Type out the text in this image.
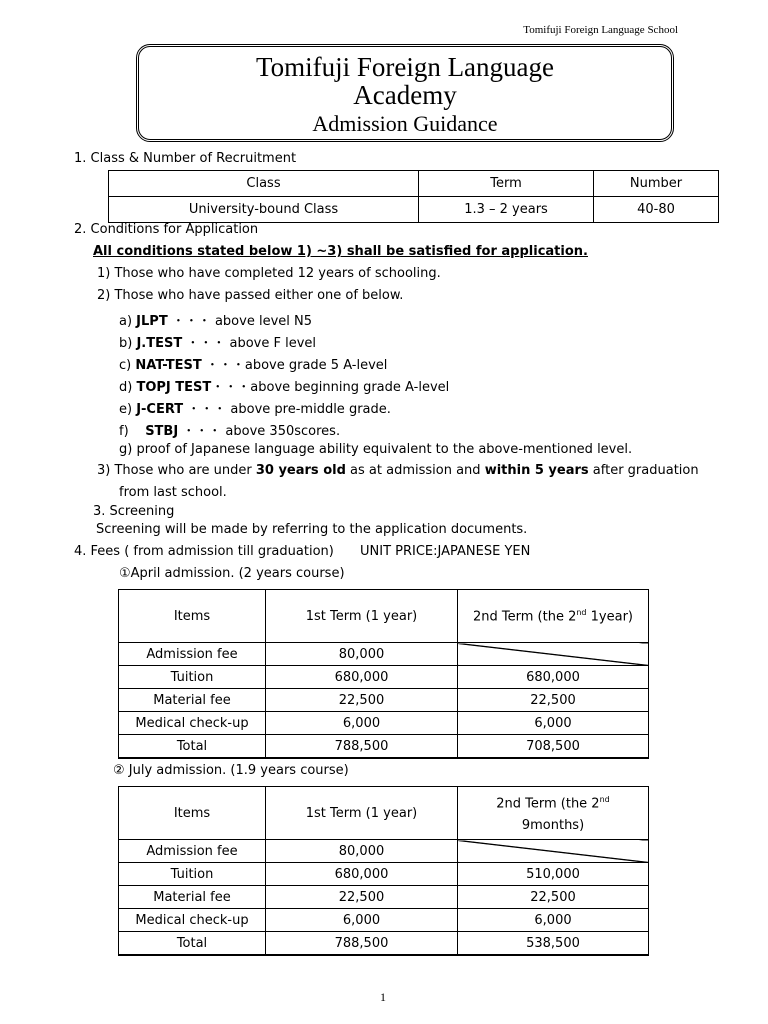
Tomifuji Foreign Language School
Tomifuji Foreign Language
Academy
Admission Guidance
1. Class & Number of Recruitment
Class	Term	Number
University-bound Class	1.3 – 2 years	40-80
2. Conditions for Application
All conditions stated below 1) ~3) shall be satisfied for application.
1) Those who have completed 12 years of schooling.
2) Those who have passed either one of below.
a) JLPT ・・・ above level N5
b) J.TEST ・・・ above F level
c) NAT-TEST ・・・above grade 5 A-level
d) TOPJ TEST・・・above beginning grade A-level
e) J-CERT ・・・ above pre-middle grade.
f)    STBJ ・・・ above 350scores.
g) proof of Japanese language ability equivalent to the above-mentioned level.
3) Those who are under 30 years old as at admission and within 5 years after graduation
from last school.
3. Screening
Screening will be made by referring to the application documents.
4. Fees ( from admission till graduation) UNIT PRICE:JAPANESE YEN
①April admission. (2 years course)
Items	1st Term (1 year)	2nd Term (the 2nd 1year)
Admission fee	80,000	
Tuition	680,000	680,000
Material fee	22,500	22,500
Medical check-up	6,000	6,000
Total	788,500	708,500
② July admission. (1.9 years course)
Items	1st Term (1 year)	2nd Term (the 2nd
9months)
Admission fee	80,000	
Tuition	680,000	510,000
Material fee	22,500	22,500
Medical check-up	6,000	6,000
Total	788,500	538,500
1
